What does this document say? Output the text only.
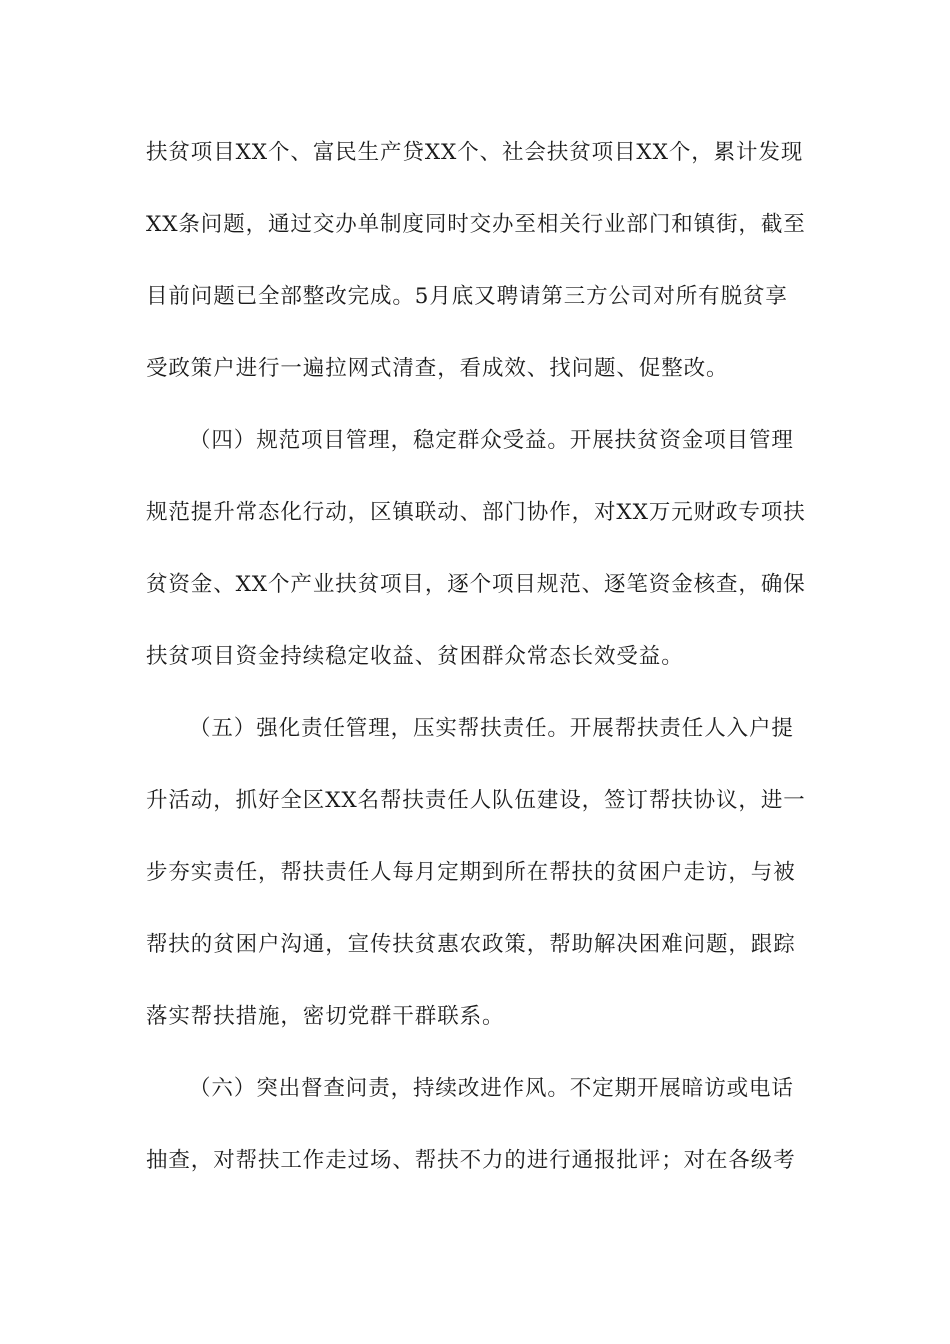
扶贫项目XX个、富民生产贷XX个、社会扶贫项目XX个，累计发现
XX条问题，通过交办单制度同时交办至相关行业部门和镇街，截至
目前问题已全部整改完成。5月底又聘请第三方公司对所有脱贫享
受政策户进行一遍拉网式清查，看成效、找问题、促整改。
（四）规范项目管理，稳定群众受益。开展扶贫资金项目管理
规范提升常态化行动，区镇联动、部门协作，对XX万元财政专项扶
贫资金、XX个产业扶贫项目，逐个项目规范、逐笔资金核查，确保
扶贫项目资金持续稳定收益、贫困群众常态长效受益。
（五）强化责任管理，压实帮扶责任。开展帮扶责任人入户提
升活动，抓好全区XX名帮扶责任人队伍建设，签订帮扶协议，进一
步夯实责任，帮扶责任人每月定期到所在帮扶的贫困户走访，与被
帮扶的贫困户沟通，宣传扶贫惠农政策，帮助解决困难问题，跟踪
落实帮扶措施，密切党群干群联系。
（六）突出督查问责，持续改进作风。不定期开展暗访或电话
抽查，对帮扶工作走过场、帮扶不力的进行通报批评；对在各级考
